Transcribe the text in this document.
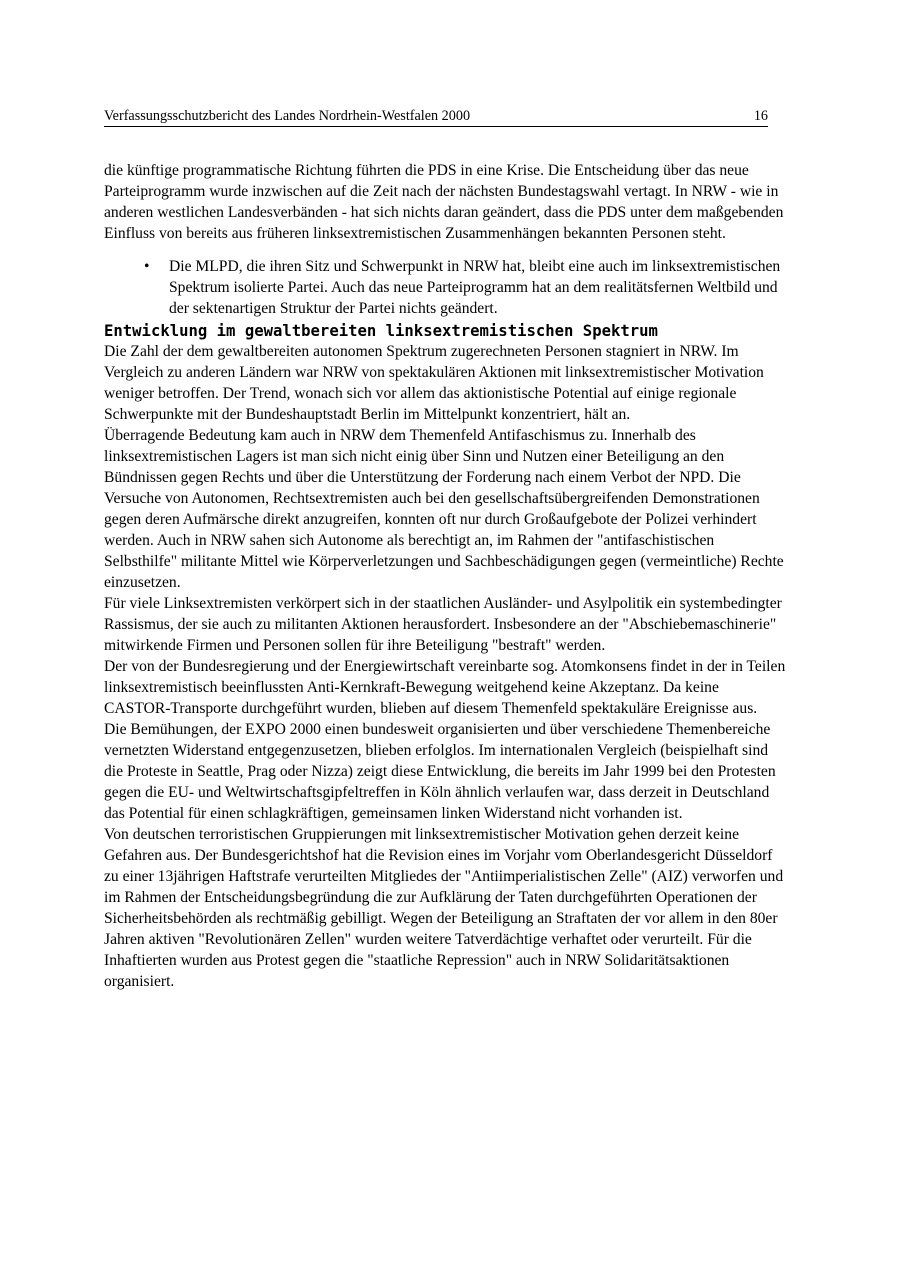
Verfassungsschutzbericht des Landes Nordrhein-Westfalen 2000	16

die künftige programmatische Richtung führten die PDS in eine Krise. Die Entscheidung über das neue Parteiprogramm wurde inzwischen auf die Zeit nach der nächsten Bundestagswahl vertagt. In NRW - wie in anderen westlichen Landesverbänden - hat sich nichts daran geändert, dass die PDS unter dem maßgebenden Einfluss von bereits aus früheren linksextremistischen Zusammenhängen bekannten Personen steht.

• Die MLPD, die ihren Sitz und Schwerpunkt in NRW hat, bleibt eine auch im linksextremistischen Spektrum isolierte Partei. Auch das neue Parteiprogramm hat an dem realitätsfernen Weltbild und der sektenartigen Struktur der Partei nichts geändert.
Entwicklung im gewaltbereiten linksextremistischen Spektrum

Die Zahl der dem gewaltbereiten autonomen Spektrum zugerechneten Personen stagniert in NRW. Im Vergleich zu anderen Ländern war NRW von spektakulären Aktionen mit linksextremistischer Motivation weniger betroffen. Der Trend, wonach sich vor allem das aktionistische Potential auf einige regionale Schwerpunkte mit der Bundeshauptstadt Berlin im Mittelpunkt konzentriert, hält an.

Überragende Bedeutung kam auch in NRW dem Themenfeld Antifaschismus zu. Innerhalb des linksextremistischen Lagers ist man sich nicht einig über Sinn und Nutzen einer Beteiligung an den Bündnissen gegen Rechts und über die Unterstützung der Forderung nach einem Verbot der NPD. Die Versuche von Autonomen, Rechtsextremisten auch bei den gesellschaftsübergreifenden Demonstrationen gegen deren Aufmärsche direkt anzugreifen, konnten oft nur durch Großaufgebote der Polizei verhindert werden. Auch in NRW sahen sich Autonome als berechtigt an, im Rahmen der "antifaschistischen Selbsthilfe" militante Mittel wie Körperverletzungen und Sachbeschädigungen gegen (vermeintliche) Rechte einzusetzen.

Für viele Linksextremisten verkörpert sich in der staatlichen Ausländer- und Asylpolitik ein systembedingter Rassismus, der sie auch zu militanten Aktionen herausfordert. Insbesondere an der "Abschiebemaschinerie" mitwirkende Firmen und Personen sollen für ihre Beteiligung "bestraft" werden.

Der von der Bundesregierung und der Energiewirtschaft vereinbarte sog. Atomkonsens findet in der in Teilen linksextremistisch beeinflussten Anti-Kernkraft-Bewegung weitgehend keine Akzeptanz. Da keine CASTOR-Transporte durchgeführt wurden, blieben auf diesem Themenfeld spektakuläre Ereignisse aus.

Die Bemühungen, der EXPO 2000 einen bundesweit organisierten und über verschiedene Themenbereiche vernetzten Widerstand entgegenzusetzen, blieben erfolglos. Im internationalen Vergleich (beispielhaft sind die Proteste in Seattle, Prag oder Nizza) zeigt diese Entwicklung, die bereits im Jahr 1999 bei den Protesten gegen die EU- und Weltwirtschaftsgipfeltreffen in Köln ähnlich verlaufen war, dass derzeit in Deutschland das Potential für einen schlagkräftigen, gemeinsamen linken Widerstand nicht vorhanden ist.

Von deutschen terroristischen Gruppierungen mit linksextremistischer Motivation gehen derzeit keine Gefahren aus. Der Bundesgerichtshof hat die Revision eines im Vorjahr vom Oberlandesgericht Düsseldorf zu einer 13jährigen Haftstrafe verurteilten Mitgliedes der "Antiimperialistischen Zelle" (AIZ) verworfen und im Rahmen der Entscheidungsbegründung die zur Aufklärung der Taten durchgeführten Operationen der Sicherheitsbehörden als rechtmäßig gebilligt. Wegen der Beteiligung an Straftaten der vor allem in den 80er Jahren aktiven "Revolutionären Zellen" wurden weitere Tatverdächtige verhaftet oder verurteilt. Für die Inhaftierten wurden aus Protest gegen die "staatliche Repression" auch in NRW Solidaritätsaktionen organisiert.
